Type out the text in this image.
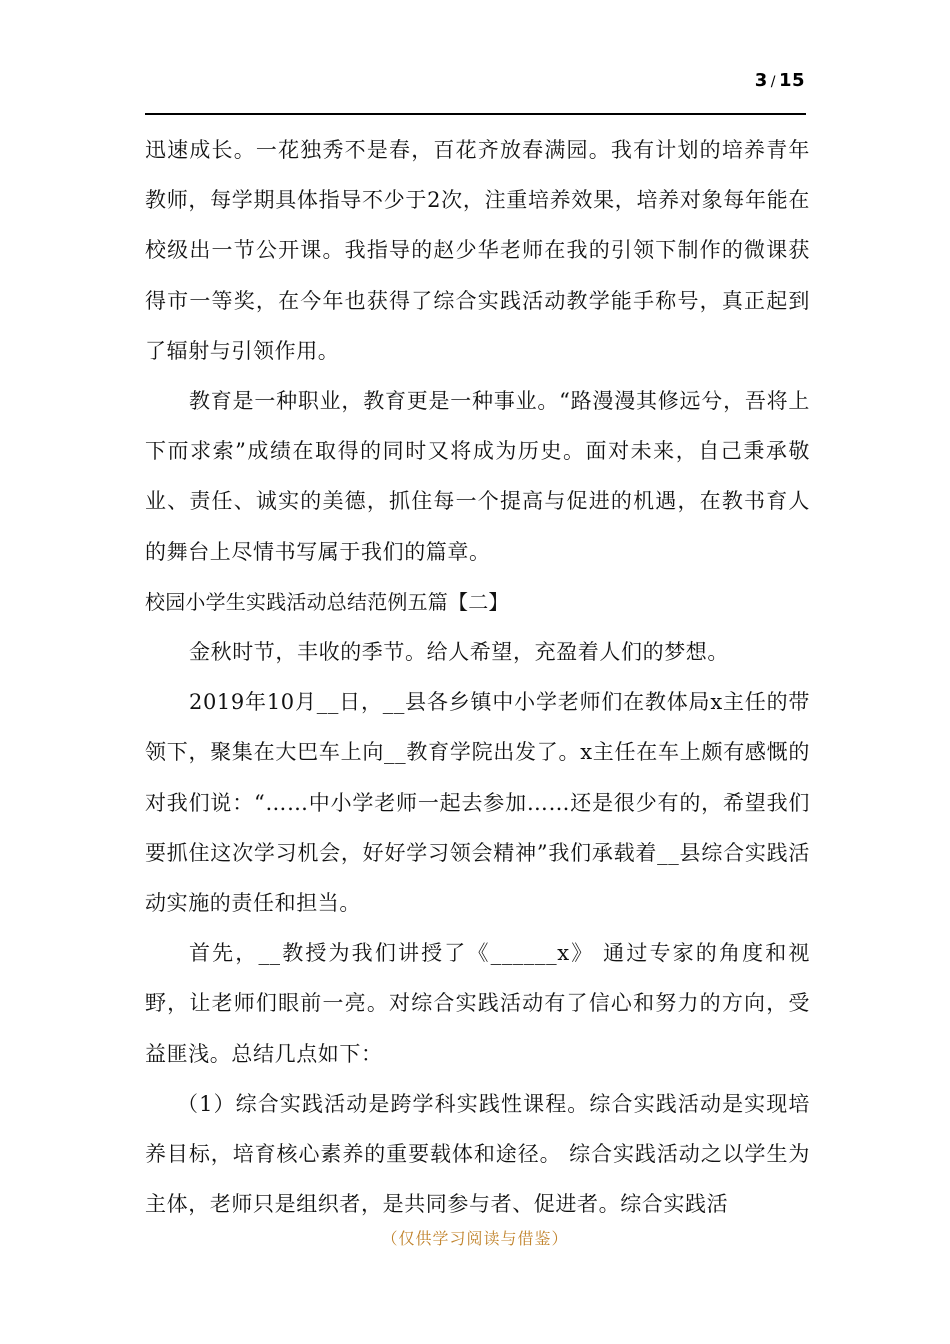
3 / 15

迅速成长。一花独秀不是春，百花齐放春满园。我有计划的培养青年教师，每学期具体指导不少于2次，注重培养效果，培养对象每年能在校级出一节公开课。我指导的赵少华老师在我的引领下制作的微课获得市一等奖，在今年也获得了综合实践活动教学能手称号，真正起到了辐射与引领作用。

教育是一种职业，教育更是一种事业。“路漫漫其修远兮，吾将上下而求索”成绩在取得的同时又将成为历史。面对未来，自己秉承敬业、责任、诚实的美德，抓住每一个提高与促进的机遇，在教书育人的舞台上尽情书写属于我们的篇章。

校园小学生实践活动总结范例五篇【二】

金秋时节，丰收的季节。给人希望，充盈着人们的梦想。

2019年10月__日，__县各乡镇中小学老师们在教体局x主任的带领下，聚集在大巴车上向__教育学院出发了。x主任在车上颇有感慨的对我们说：“……中小学老师一起去参加……还是很少有的，希望我们要抓住这次学习机会，好好学习领会精神”我们承载着__县综合实践活动实施的责任和担当。

首先，__教授为我们讲授了《______x》 通过专家的角度和视野，让老师们眼前一亮。对综合实践活动有了信心和努力的方向，受益匪浅。总结几点如下：

（1）综合实践活动是跨学科实践性课程。综合实践活动是实现培养目标，培育核心素养的重要载体和途径。 综合实践活动之以学生为主体，老师只是组织者，是共同参与者、促进者。综合实践活

（仅供学习阅读与借鉴）
